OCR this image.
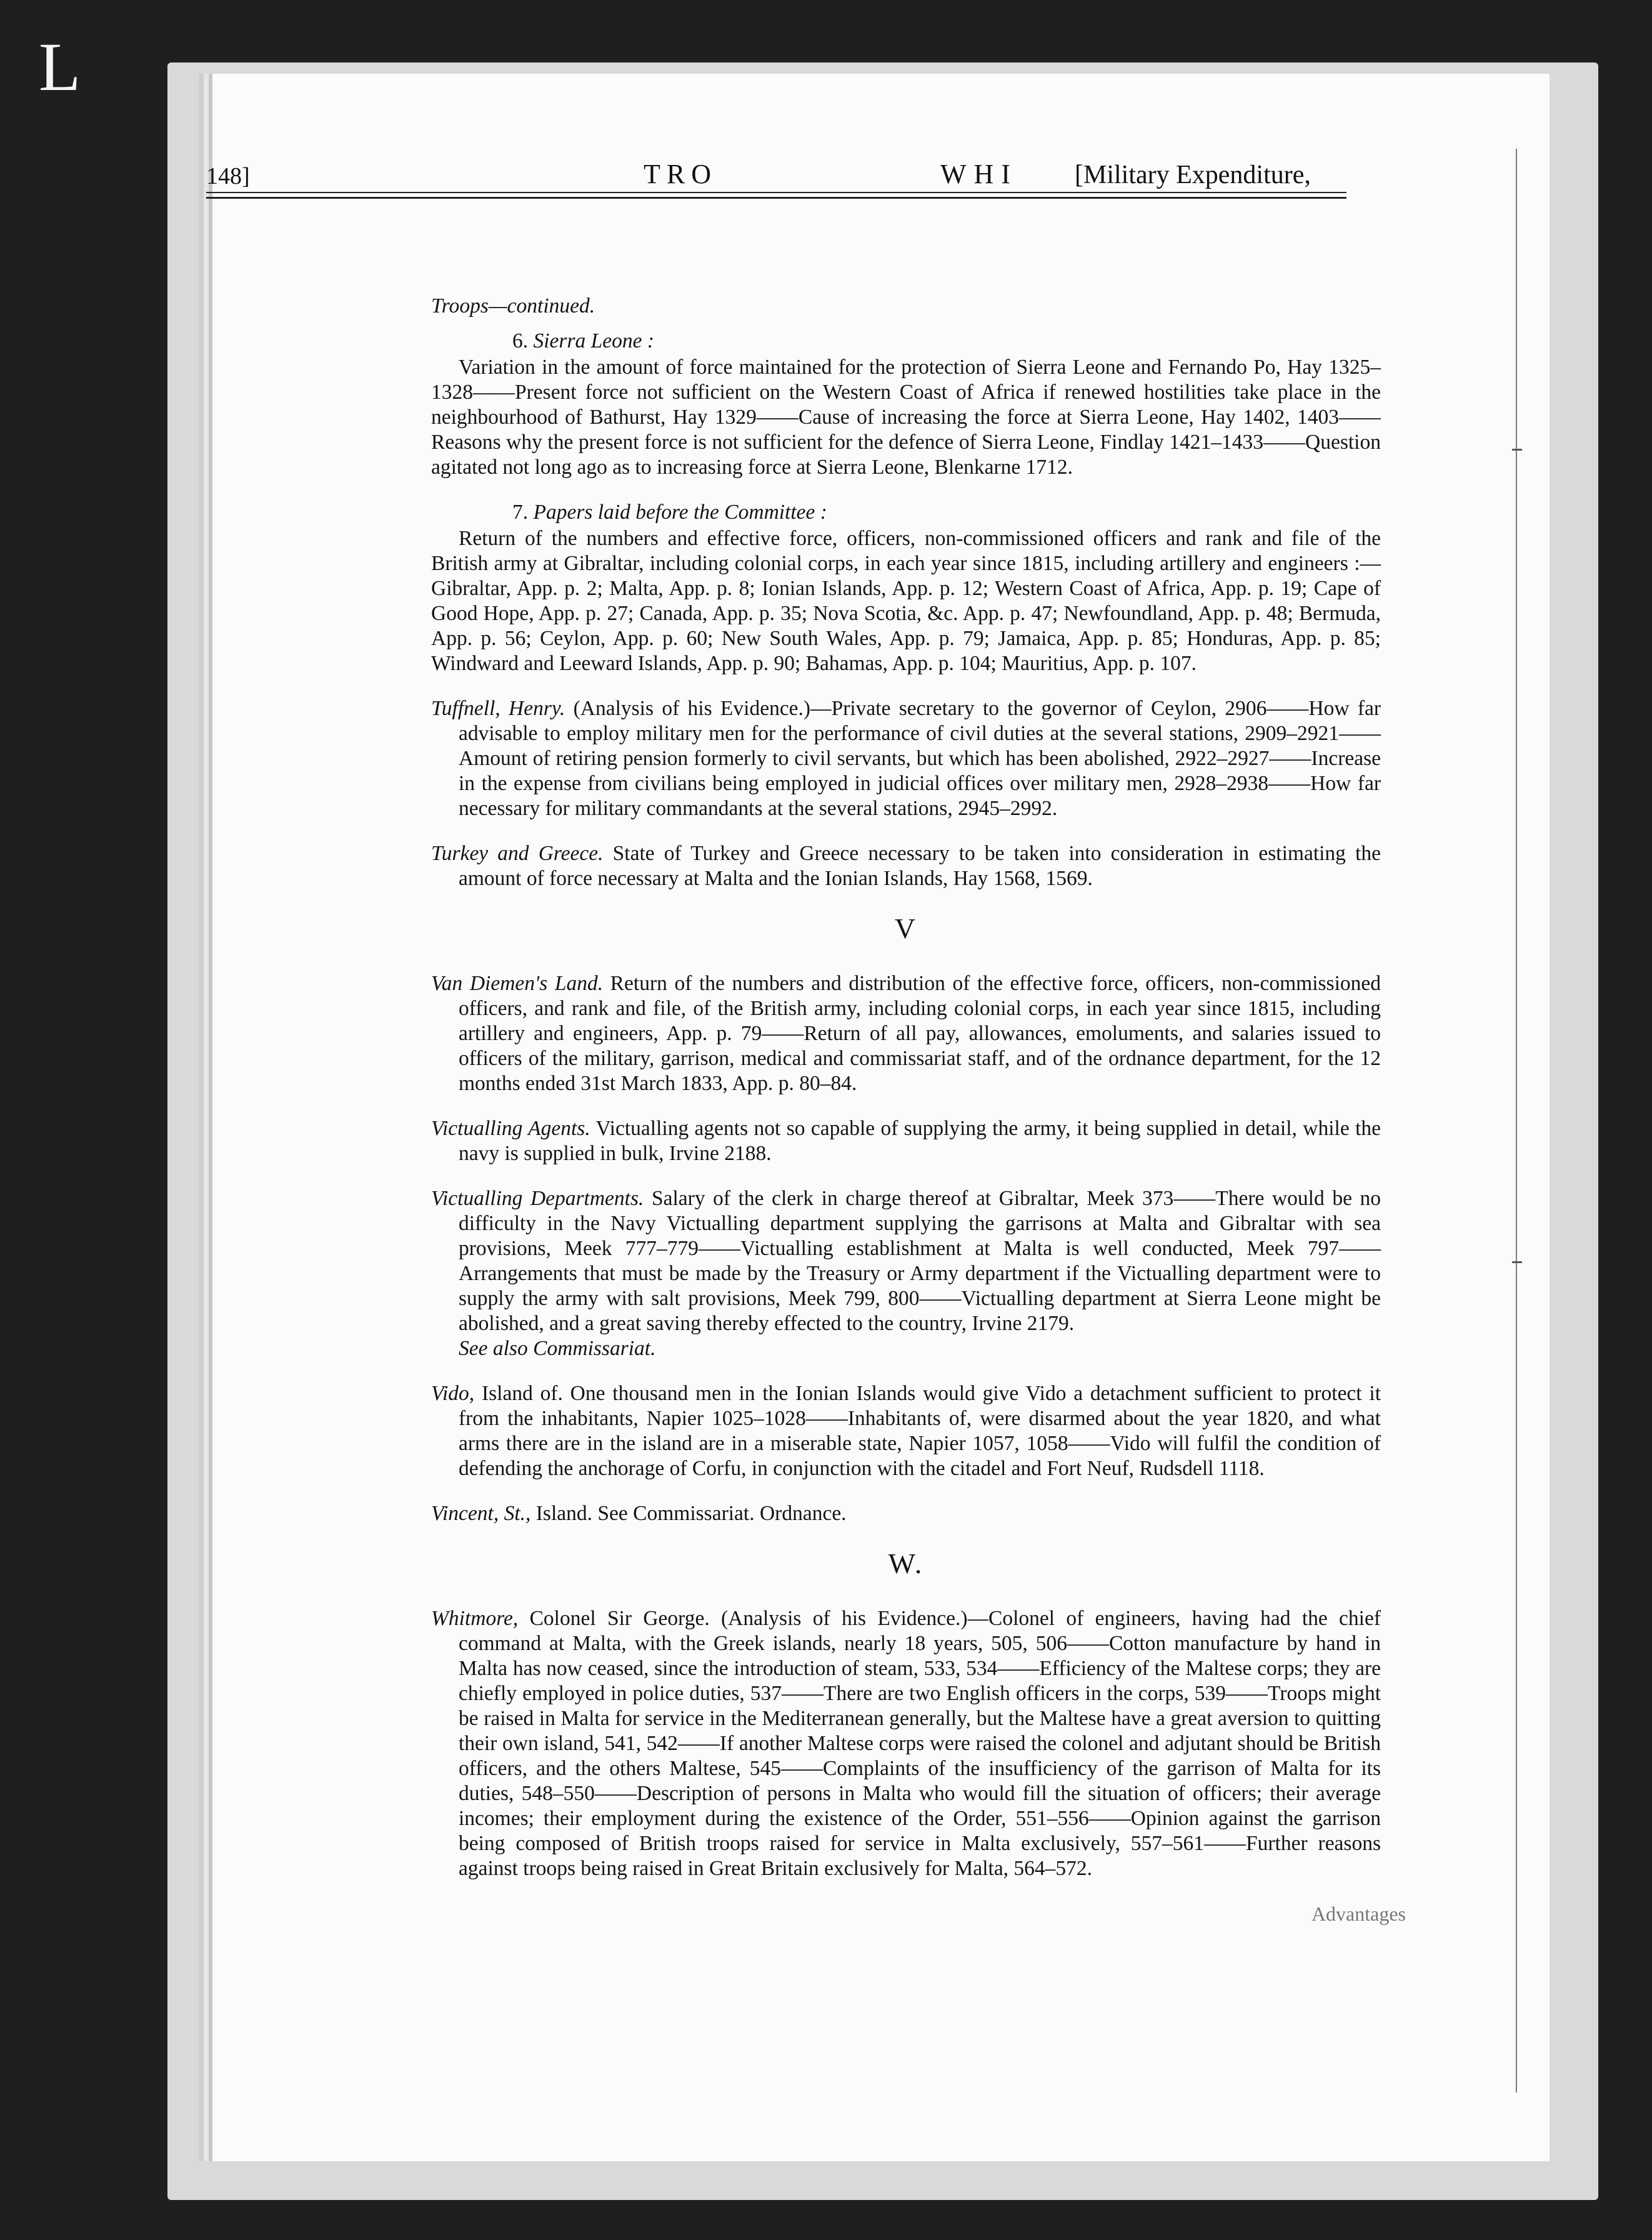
L
148]	TRO	WHI [Military Expenditure,

Troops—continued.

6. Sierra Leone :

Variation in the amount of force maintained for the protection of Sierra Leone and Fernando Po, Hay 1325–1328——Present force not sufficient on the Western Coast of Africa if renewed hostilities take place in the neighbourhood of Bathurst, Hay 1329——Cause of increasing the force at Sierra Leone, Hay 1402, 1403——Reasons why the present force is not sufficient for the defence of Sierra Leone, Findlay 1421–1433——Question agitated not long ago as to increasing force at Sierra Leone, Blenkarne 1712.

7. Papers laid before the Committee :

Return of the numbers and effective force, officers, non-commissioned officers and rank and file of the British army at Gibraltar, including colonial corps, in each year since 1815, including artillery and engineers :—Gibraltar, App. p. 2; Malta, App. p. 8; Ionian Islands, App. p. 12; Western Coast of Africa, App. p. 19; Cape of Good Hope, App. p. 27; Canada, App. p. 35; Nova Scotia, &c. App. p. 47; Newfoundland, App. p. 48; Bermuda, App. p. 56; Ceylon, App. p. 60; New South Wales, App. p. 79; Jamaica, App. p. 85; Honduras, App. p. 85; Windward and Leeward Islands, App. p. 90; Bahamas, App. p. 104; Mauritius, App. p. 107.

Tuffnell, Henry. (Analysis of his Evidence.)—Private secretary to the governor of Ceylon, 2906——How far advisable to employ military men for the performance of civil duties at the several stations, 2909–2921——Amount of retiring pension formerly to civil servants, but which has been abolished, 2922–2927——Increase in the expense from civilians being employed in judicial offices over military men, 2928–2938——How far necessary for military commandants at the several stations, 2945–2992.

Turkey and Greece. State of Turkey and Greece necessary to be taken into consideration in estimating the amount of force necessary at Malta and the Ionian Islands, Hay 1568, 1569.

V

Van Diemen's Land. Return of the numbers and distribution of the effective force, officers, non-commissioned officers, and rank and file, of the British army, including colonial corps, in each year since 1815, including artillery and engineers, App. p. 79——Return of all pay, allowances, emoluments, and salaries issued to officers of the military, garrison, medical and commissariat staff, and of the ordnance department, for the 12 months ended 31st March 1833, App. p. 80–84.

Victualling Agents. Victualling agents not so capable of supplying the army, it being supplied in detail, while the navy is supplied in bulk, Irvine 2188.

Victualling Departments. Salary of the clerk in charge thereof at Gibraltar, Meek 373——There would be no difficulty in the Navy Victualling department supplying the garrisons at Malta and Gibraltar with sea provisions, Meek 777–779——Victualling establishment at Malta is well conducted, Meek 797——Arrangements that must be made by the Treasury or Army department if the Victualling department were to supply the army with salt provisions, Meek 799, 800——Victualling department at Sierra Leone might be abolished, and a great saving thereby effected to the country, Irvine 2179.

See also Commissariat.

Vido, Island of. One thousand men in the Ionian Islands would give Vido a detachment sufficient to protect it from the inhabitants, Napier 1025–1028——Inhabitants of, were disarmed about the year 1820, and what arms there are in the island are in a miserable state, Napier 1057, 1058——Vido will fulfil the condition of defending the anchorage of Corfu, in conjunction with the citadel and Fort Neuf, Rudsdell 1118.

Vincent, St., Island. See Commissariat. Ordnance.

W.

Whitmore, Colonel Sir George. (Analysis of his Evidence.)—Colonel of engineers, having had the chief command at Malta, with the Greek islands, nearly 18 years, 505, 506——Cotton manufacture by hand in Malta has now ceased, since the introduction of steam, 533, 534——Efficiency of the Maltese corps; they are chiefly employed in police duties, 537——There are two English officers in the corps, 539——Troops might be raised in Malta for service in the Mediterranean generally, but the Maltese have a great aversion to quitting their own island, 541, 542——If another Maltese corps were raised the colonel and adjutant should be British officers, and the others Maltese, 545——Complaints of the insufficiency of the garrison of Malta for its duties, 548–550——Description of persons in Malta who would fill the situation of officers; their average incomes; their employment during the existence of the Order, 551–556——Opinion against the garrison being composed of British troops raised for service in Malta exclusively, 557–561——Further reasons against troops being raised in Great Britain exclusively for Malta, 564–572.

Advantages
